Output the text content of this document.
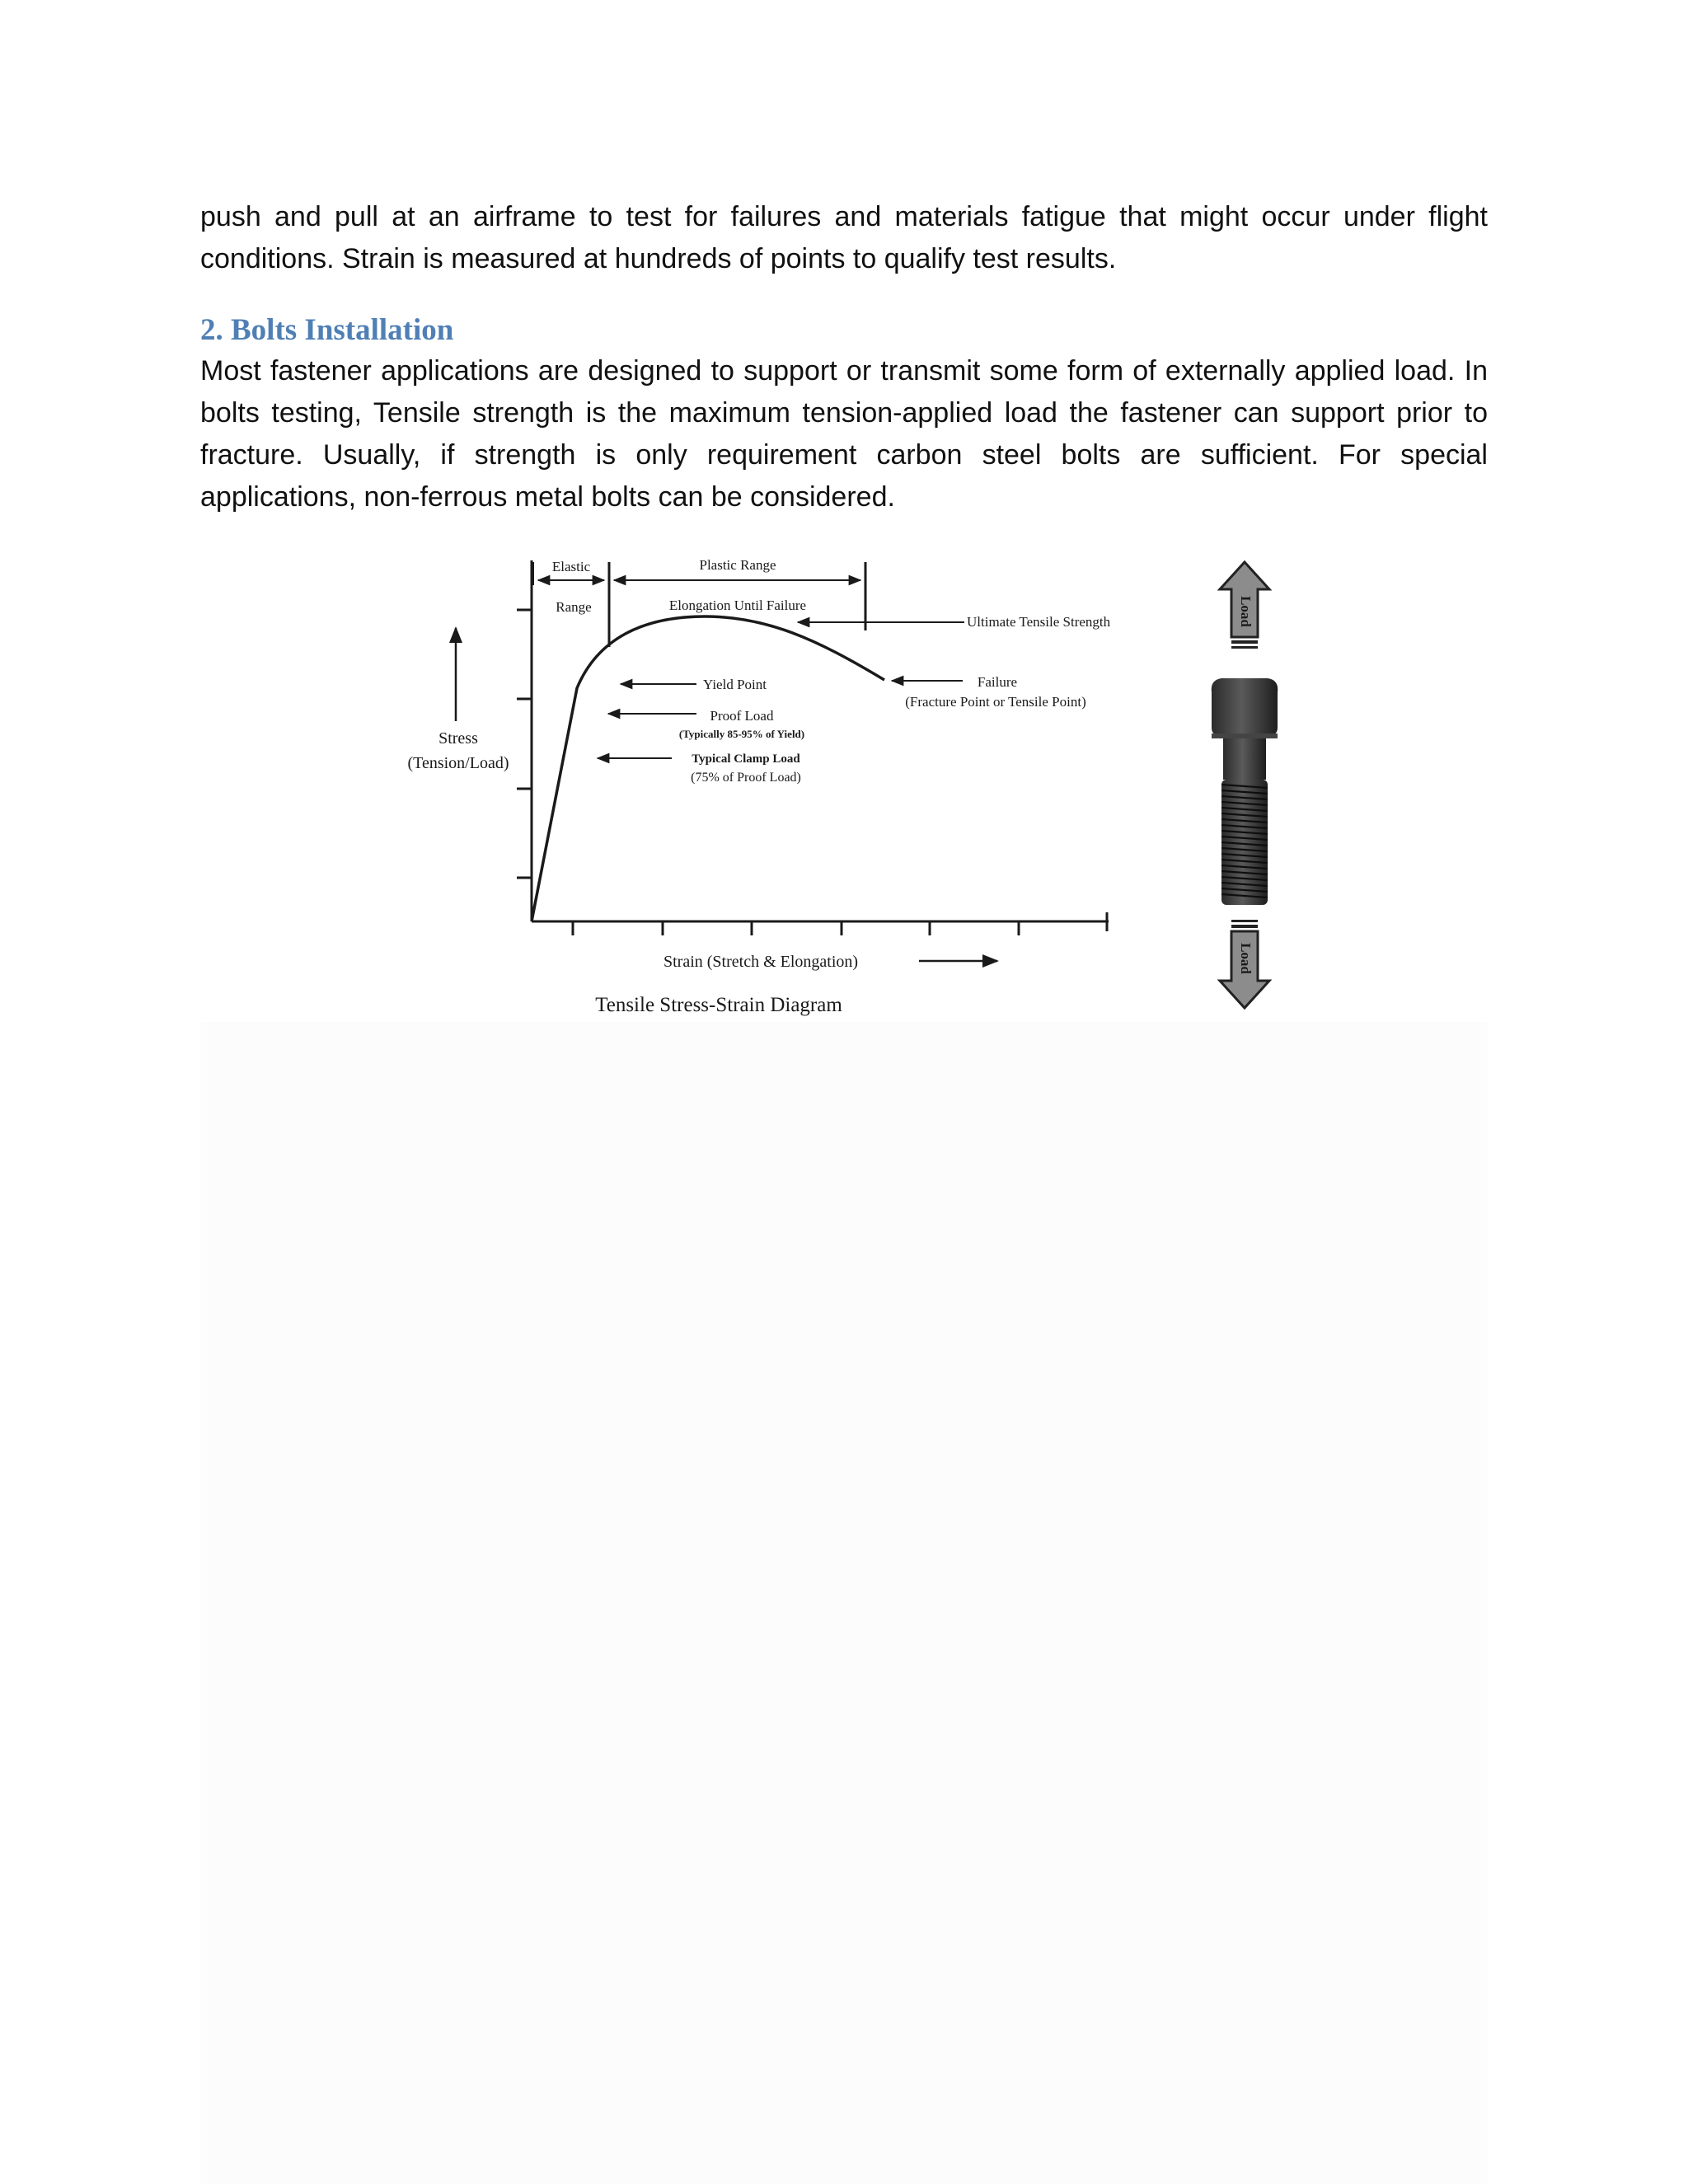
push and pull at an airframe to test for failures and materials fatigue that might occur under flight conditions. Strain is measured at hundreds of points to qualify test results.
2. Bolts Installation
Most fastener applications are designed to support or transmit some form of externally applied load. In bolts testing, Tensile strength is the maximum tension-applied load the fastener can support prior to fracture. Usually, if strength is only requirement carbon steel bolts are sufficient. For special applications, non-ferrous metal bolts can be considered.
Elastic
Range
Plastic Range
Elongation Until Failure
Ultimate Tensile Strength
Yield Point
Proof Load
(Typically 85-95% of Yield)
Typical Clamp Load
(75% of Proof Load)
Failure
(Fracture Point or Tensile Point)
Stress
(Tension/Load)
Strain (Stretch & Elongation)
Tensile Stress-Strain Diagram
Load
Load
